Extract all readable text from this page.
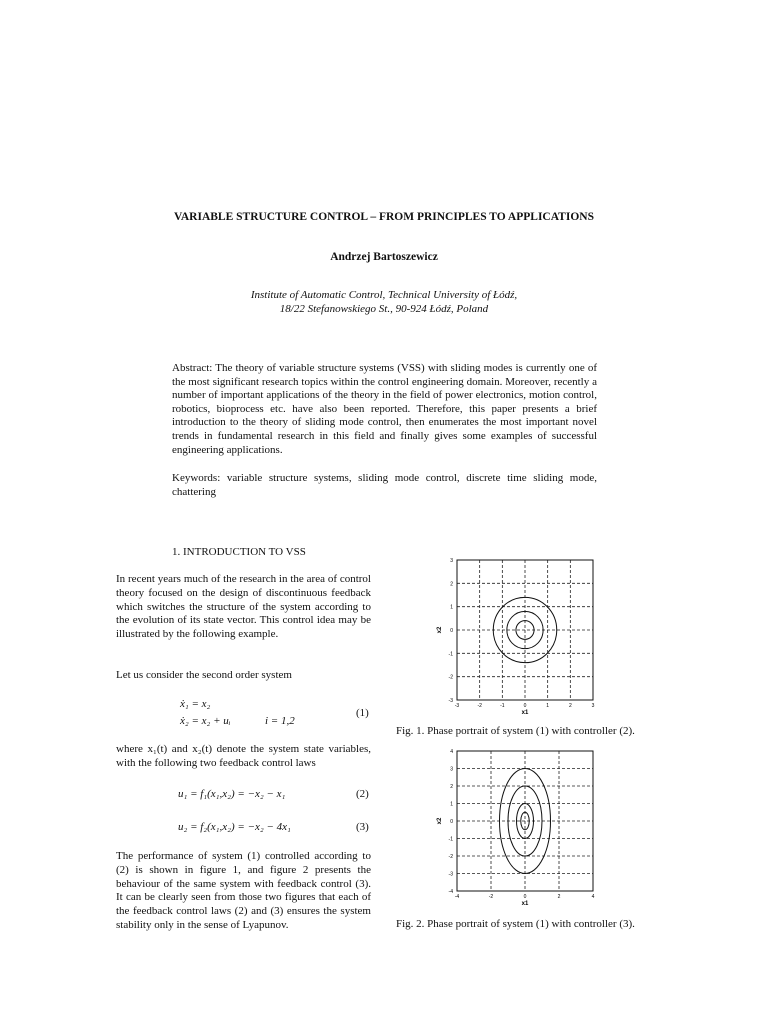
VARIABLE STRUCTURE CONTROL – FROM PRINCIPLES TO APPLICATIONS
Andrzej Bartoszewicz
Institute of Automatic Control, Technical University of Łódź,
18/22 Stefanowskiego St., 90-924 Łódź, Poland
Abstract: The theory of variable structure systems (VSS) with sliding modes is currently one of the most significant research topics within the control engineering domain. Moreover, recently a number of important applications of the theory in the field of power electronics, motion control, robotics, bioprocess etc. have also been reported. Therefore, this paper presents a brief introduction to the theory of sliding mode control, then enumerates the most important novel trends in fundamental research in this field and finally gives some examples of successful engineering applications.
Keywords: variable structure systems, sliding mode control, discrete time sliding mode, chattering
1. INTRODUCTION TO VSS
In recent years much of the research in the area of control theory focused on the design of discontinuous feedback which switches the structure of the system according to the evolution of its state vector. This control idea may be illustrated by the following example.
Let us consider the second order system
ẋ₁ = x₂
ẋ₂ = x₂ + uᵢ	i = 1,2
(1)
where x₁(t) and x₂(t) denote the system state variables, with the following two feedback control laws
u₁ = f₁(x₁,x₂) = −x₂ − x₁	(2)
u₂ = f₂(x₁,x₂) = −x₂ − 4x₁	(3)
The performance of system (1) controlled according to (2) is shown in figure 1, and figure 2 presents the behaviour of the same system with feedback control (3). It can be clearly seen from those two figures that each of the feedback control laws (2) and (3) ensures the system stability only in the sense of Lyapunov.
-3	-2	-1	0	1	2	3
3
2
1
0
-1
-2
-3
x1
x2
Fig. 1. Phase portrait of system (1) with controller (2).
-4	-2	0	2	4
4
3
2
1
0
-1
-2
-3
-4
x1
x2
Fig. 2. Phase portrait of system (1) with controller (3).
